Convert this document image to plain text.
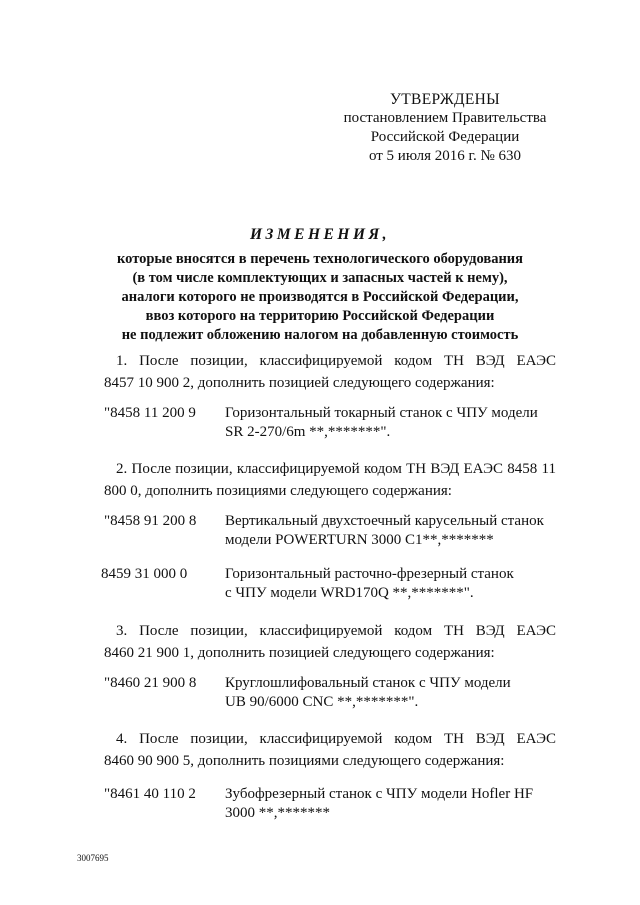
УТВЕРЖДЕНЫ
постановлением Правительства
Российской Федерации
от 5 июля 2016 г. № 630
ИЗМЕНЕНИЯ,
которые вносятся в перечень технологического оборудования
(в том числе комплектующих и запасных частей к нему),
аналоги которого не производятся в Российской Федерации,
ввоз которого на территорию Российской Федерации
не подлежит обложению налогом на добавленную стоимость
1. После позиции, классифицируемой кодом ТН ВЭД ЕАЭС
8457 10 900 2, дополнить позицией следующего содержания:
"8458 11 200 9	Горизонтальный токарный станок с ЧПУ модели
SR 2-270/6m **,*******".
2. После позиции, классифицируемой кодом ТН ВЭД ЕАЭС 8458 11
800 0, дополнить позициями следующего содержания:
"8458 91 200 8	Вертикальный двухстоечный карусельный станок
модели POWERTURN 3000 C1**,*******
8459 31 000 0	Горизонтальный расточно-фрезерный станок
с ЧПУ модели WRD170Q **,*******".
3. После позиции, классифицируемой кодом ТН ВЭД ЕАЭС
8460 21 900 1, дополнить позицией следующего содержания:
"8460 21 900 8	Круглошлифовальный станок с ЧПУ модели
UB 90/6000 CNC **,*******".
4. После позиции, классифицируемой кодом ТН ВЭД ЕАЭС
8460 90 900 5, дополнить позициями следующего содержания:
"8461 40 110 2	Зубофрезерный станок с ЧПУ модели Hofler HF
3000 **,*******
3007695
